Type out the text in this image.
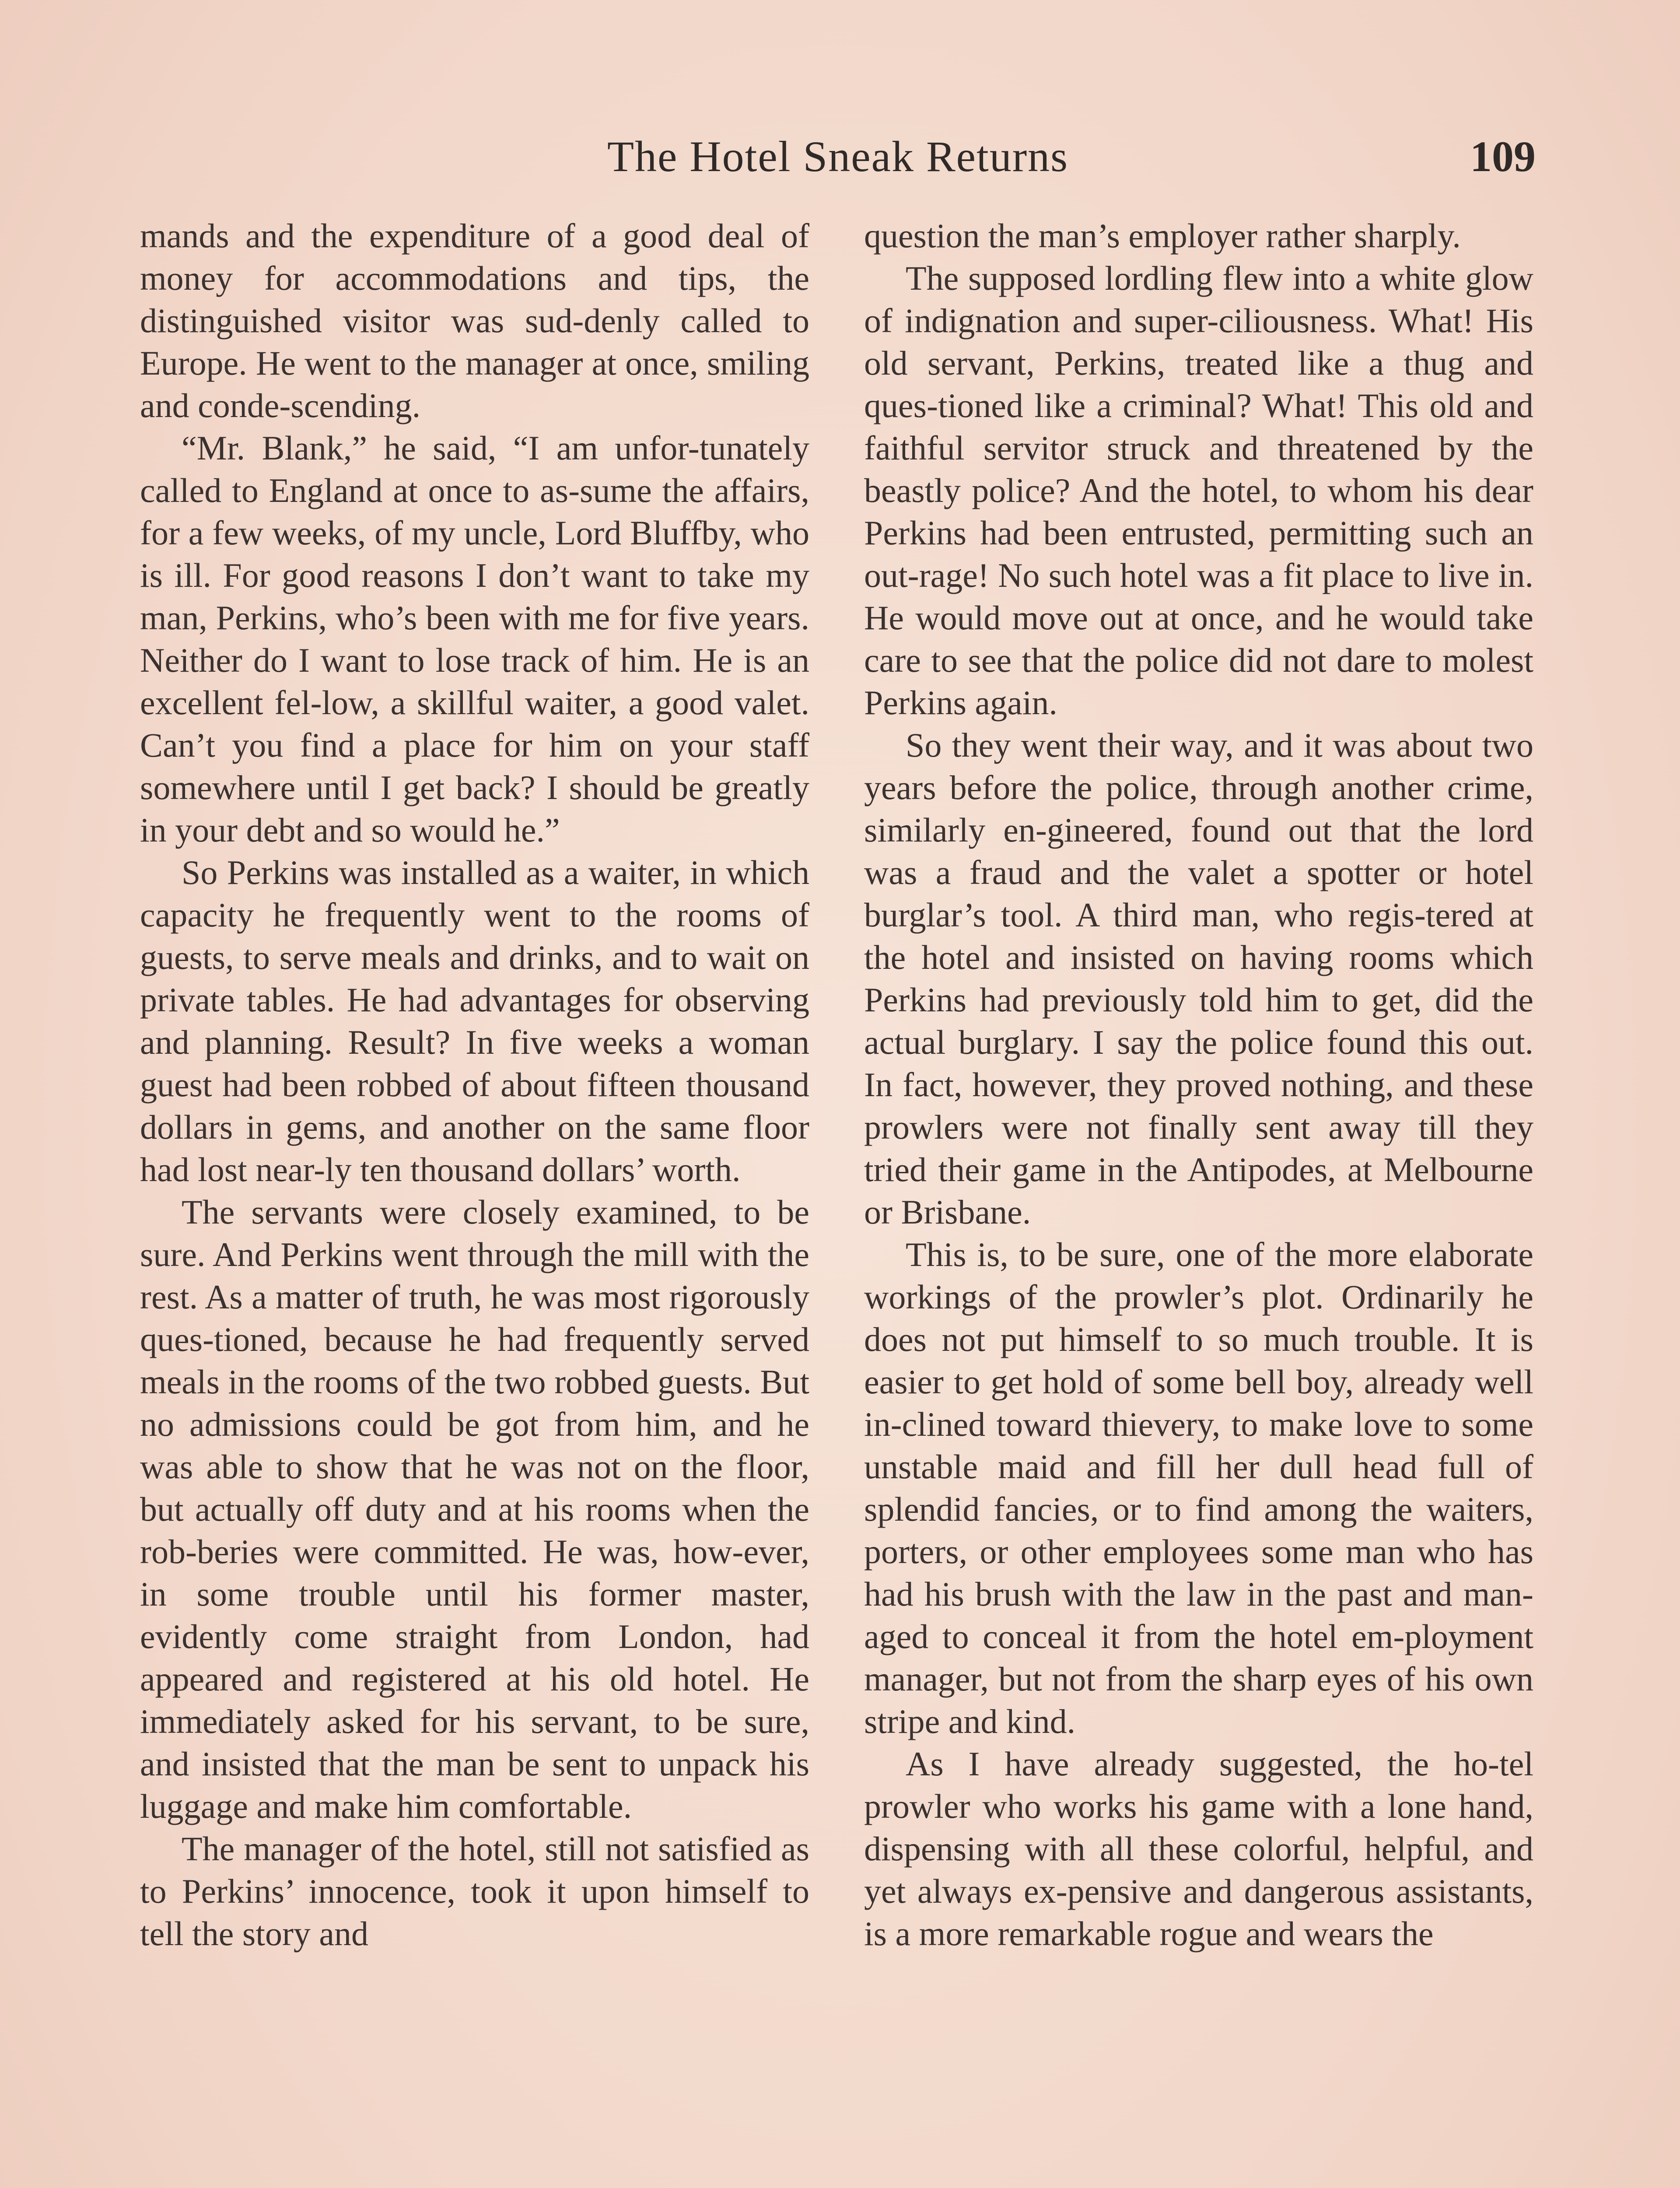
The Hotel Sneak Returns	109

mands and the expenditure of a good deal of money for accommodations and tips, the distinguished visitor was sud-denly called to Europe. He went to the manager at once, smiling and conde-scending.

“Mr. Blank,” he said, “I am unfor-tunately called to England at once to as-sume the affairs, for a few weeks, of my uncle, Lord Bluffby, who is ill. For good reasons I don’t want to take my man, Perkins, who’s been with me for five years. Neither do I want to lose track of him. He is an excellent fel-low, a skillful waiter, a good valet. Can’t you find a place for him on your staff somewhere until I get back? I should be greatly in your debt and so would he.”

So Perkins was installed as a waiter, in which capacity he frequently went to the rooms of guests, to serve meals and drinks, and to wait on private tables. He had advantages for observing and planning. Result? In five weeks a woman guest had been robbed of about fifteen thousand dollars in gems, and another on the same floor had lost near-ly ten thousand dollars’ worth.

The servants were closely examined, to be sure. And Perkins went through the mill with the rest. As a matter of truth, he was most rigorously ques-tioned, because he had frequently served meals in the rooms of the two robbed guests. But no admissions could be got from him, and he was able to show that he was not on the floor, but actually off duty and at his rooms when the rob-beries were committed. He was, how-ever, in some trouble until his former master, evidently come straight from London, had appeared and registered at his old hotel. He immediately asked for his servant, to be sure, and insisted that the man be sent to unpack his luggage and make him comfortable.

The manager of the hotel, still not satisfied as to Perkins’ innocence, took it upon himself to tell the story and

question the man’s employer rather sharply.

The supposed lordling flew into a white glow of indignation and super-ciliousness. What! His old servant, Perkins, treated like a thug and ques-tioned like a criminal? What! This old and faithful servitor struck and threatened by the beastly police? And the hotel, to whom his dear Perkins had been entrusted, permitting such an out-rage! No such hotel was a fit place to live in. He would move out at once, and he would take care to see that the police did not dare to molest Perkins again.

So they went their way, and it was about two years before the police, through another crime, similarly en-gineered, found out that the lord was a fraud and the valet a spotter or hotel burglar’s tool. A third man, who regis-tered at the hotel and insisted on having rooms which Perkins had previously told him to get, did the actual burglary. I say the police found this out. In fact, however, they proved nothing, and these prowlers were not finally sent away till they tried their game in the Antipodes, at Melbourne or Brisbane.

This is, to be sure, one of the more elaborate workings of the prowler’s plot. Ordinarily he does not put himself to so much trouble. It is easier to get hold of some bell boy, already well in-clined toward thievery, to make love to some unstable maid and fill her dull head full of splendid fancies, or to find among the waiters, porters, or other employees some man who has had his brush with the law in the past and man-aged to conceal it from the hotel em-ployment manager, but not from the sharp eyes of his own stripe and kind.

As I have already suggested, the ho-tel prowler who works his game with a lone hand, dispensing with all these colorful, helpful, and yet always ex-pensive and dangerous assistants, is a more remarkable rogue and wears the
